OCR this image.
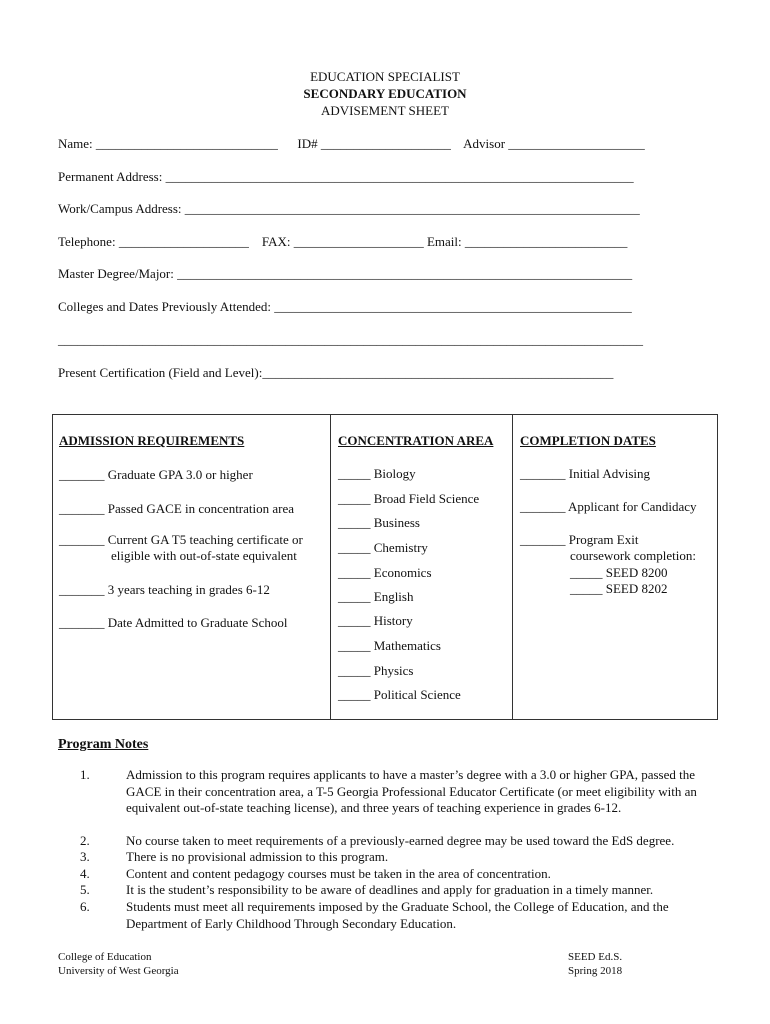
EDUCATION SPECIALIST
SECONDARY EDUCATION
ADVISEMENT SHEET
Name: ____________________________      ID# ____________________    Advisor _____________________
Permanent Address: ________________________________________________________________________
Work/Campus Address: ______________________________________________________________________
Telephone: ____________________    FAX: ____________________ Email: _________________________
Master Degree/Major: ______________________________________________________________________
Colleges and Dates Previously Attended: _______________________________________________________
__________________________________________________________________________________________
Present Certification (Field and Level):______________________________________________________
ADMISSION REQUIREMENTS
_______ Graduate GPA 3.0 or higher
_______ Passed GACE in concentration area
_______ Current GA T5 teaching certificate or
eligible with out-of-state equivalent
_______ 3 years teaching in grades 6-12
_______ Date Admitted to Graduate School

CONCENTRATION AREA
_____ Biology
_____ Broad Field Science
_____ Business
_____ Chemistry
_____ Economics
_____ English
_____ History
_____ Mathematics
_____ Physics
_____ Political Science

COMPLETION DATES
_______ Initial Advising
_______ Applicant for Candidacy
_______ Program Exit
coursework completion:
_____ SEED 8200
_____ SEED 8202
Program Notes
1.	Admission to this program requires applicants to have a master’s degree with a 3.0 or higher GPA, passed the GACE in their concentration area, a T-5 Georgia Professional Educator Certificate (or meet eligibility with an equivalent out-of-state teaching license), and three years of teaching experience in grades 6-12.
2.	No course taken to meet requirements of a previously-earned degree may be used toward the EdS degree.
3.	There is no provisional admission to this program.
4.	Content and content pedagogy courses must be taken in the area of concentration.
5.	It is the student’s responsibility to be aware of deadlines and apply for graduation in a timely manner.
6.	Students must meet all requirements imposed by the Graduate School, the College of Education, and the Department of Early Childhood Through Secondary Education.
College of Education
University of West Georgia
SEED Ed.S.
Spring 2018
